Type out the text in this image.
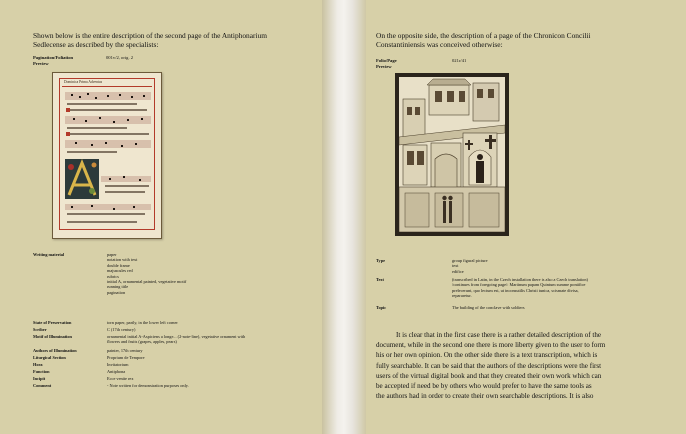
Shown below is the entire description of the second page of the Antiphonarium
Sedlecense as described by the specialists:
Pagination/Foliation	001v/2, orig. 2
Preview
Dominica Prima Adventus
Writing material	paper
notation with text
double frame
majuscules red
rubrics
initial A, ornamental painted, vegetative motif
running title
pagination
State of Preservation	torn paper, partly, in the lower left corner
Scriber	C (17th century)
Motif of Illumination	ornamental initial A-Aspiciens a longe... (2-note-line), vegetative ornament with
flowers and fruits (grapes, apples, pears)
Authors of Illumination	painter, 17th century
Liturgical Section	Proprium de Tempore
Hora	Invitatorium
Function	Antiphona
Incipit	Ecce venite rex
Comment	- Note written for demonstration purposes only.
On the opposite side, the description of a page of the Chronicon Concilii
Constantiniensis was conceived otherwise:
Folio/Page	021r/41
Preview
Type	group figural picture
text
edifice
Text	(transcribed in Latin, in the Czech installation there is also a Czech translation)
/continues from foregoing page/: Martinum papam Quintum summe pontifice
prelecerunt, quo lectum est, ut inconsutilis Christi tunica, scismate divisa,
repararetur.
Topic	The building of the conclave with soldiers
It is clear that in the first case there is a rather detailed description of the
document, while in the second one there is more liberty given to the user to form
his or her own opinion. On the other side there is a text transcription, which is
fully searchable. It can be said that the authors of the descriptions were the first
users of the virtual digital book and that they created their own work which can
be accepted if need be by others who would prefer to have the same tools as
the authors had in order to create their own searchable descriptions. It is also
